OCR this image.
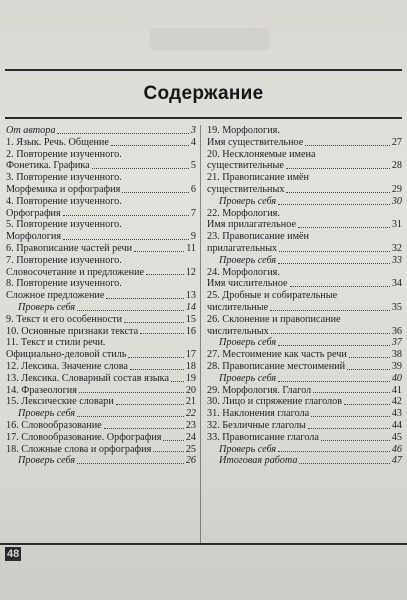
Содержание
От автора	3
1. Язык. Речь. Общение	4
2. Повторение изученного.
Фонетика. Графика	5
3. Повторение изученного.
Морфемика и орфография	6
4. Повторение изученного.
Орфография	7
5. Повторение изученного.
Морфология	9
6. Правописание частей речи	11
7. Повторение изученного.
Словосочетание и предложение	12
8. Повторение изученного.
Сложное предложение	13
Проверь себя	14
9. Текст и его особенности	15
10. Основные признаки текста	16
11. Текст и стили речи.
Официально-деловой стиль	17
12. Лексика. Значение слова	18
13. Лексика. Словарный состав языка 19
14. Фразеология	20
15. Лексические словари	21
Проверь себя	22
16. Словообразование	23
17. Словообразование. Орфография 24
18. Сложные слова и орфография	25
Проверь себя	26
19. Морфология.
Имя существительное	27
20. Несклоняемые имена
существительные	28
21. Правописание имён
существительных	29
Проверь себя	30
22. Морфология.
Имя прилагательное	31
23. Правописание имён
прилагательных	32
Проверь себя	33
24. Морфология.
Имя числительное	34
25. Дробные и собирательные
числительные	35
26. Склонение и правописание
числительных	36
Проверь себя	37
27. Местоимение как часть речи	38
28. Правописание местоимений	39
Проверь себя	40
29. Морфология. Глагол	41
30. Лицо и спряжение глаголов	42
31. Наклонения глагола	43
32. Безличные глаголы	44
33. Правописание глагола	45
Проверь себя	46
Итоговая работа	47
48
